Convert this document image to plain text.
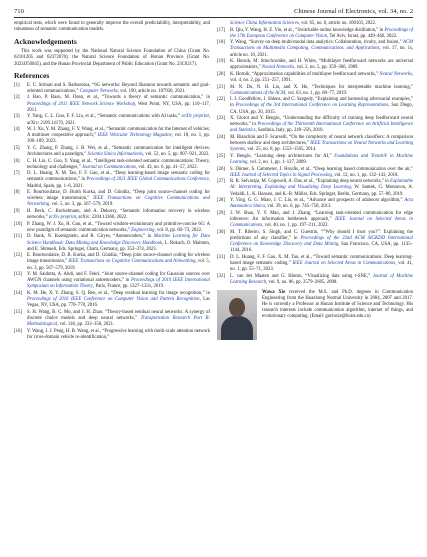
710	Chinese Journal of Electronics, vol. 34, no. 2

empirical tests, which were found to generally improve the overall predictability, interpretability, and robustness of semantic communication models.

Acknowledgements

This work was supported by the National Natural Science Foundation of China (Grant No. 62101205 and 62372070), the Natural Science Foundation of Hunan Province (Grant No. 2023JJ50045), and the Hunan Provincial Department of Public Education (Grant No. 23C0217).

References
[1]	E. C. Strinati and S. Barbarossa, “6G networks: Beyond Shannon towards semantic and goal-oriented communications,” Computer Networks, vol. 190, article no. 107930, 2021.
[2]	J. Bao, P. Basu, M. Dean, et al., “Towards a theory of semantic communication,” in Proceedings of 2011 IEEE Network Science Workshop, West Point, NY, USA, pp. 110–117, 2011.
[3]	Y. Yang, C. L. Guo, F. F. Liu, et al., “Semantic communications with AI tasks,” arXiv preprint, arXiv: 2109.14170, 2021.
[4]	W. J. Xu, Y. M. Zhang, F. Y. Wang, et al., “Semantic communication for the Internet of vehicles: A multiuser cooperative approach,” IEEE Vehicular Technology Magazine, vol. 18, no. 1, pp. 100–109, 2023.
[5]	Y. C. Zhang, P. Zhang, J. B. Wei, et al., “Semantic communication for intelligent devices: Architectures and a paradigm,” Scientia Sinica Informationis, vol. 52, no. 5, pp. 907–921, 2022.
[6]	C. H. Liu, C. Guo, Y. Yang, et al., “Intelligent task-oriented semantic communications: Theory, technology and challenges,” Journal on Communications, vol. 43, no. 6, pp. 41–57, 2022.
[7]	D. L. Huang, X. M. Tao, F. F. Gao, et al., “Deep learning-based image semantic coding for semantic communications,” in Proceedings of 2021 IEEE Global Communications Conference, Madrid, Spain, pp. 1–6, 2021.
[8]	E. Bourtsoulatze, D. Burth Kurka, and D. Gündüz, “Deep joint source-channel coding for wireless image transmission,” IEEE Transactions on Cognitive Communications and Networking, vol. 5, no. 3, pp. 567–579, 2019.
[9]	H. Beck, C. Bockelmann, and A. Dekorsy, “Semantic information recovery in wireless networks,” arXiv preprint, arXiv: 2204.13366, 2022.
[10]	P. Zhang, W. J. Xu, H. Gao, et al., “Toward wisdom-evolutionary and primitive-concise 6G: A new paradigm of semantic communication networks,” Engineering, vol. 8, pp. 60–73, 2022.
[11]	D. Bank, N. Koenigstein, and R. Giryes, “Autoencoders,” in Machine Learning for Data Science Handbook: Data Mining and Knowledge Discovery Handbook, L. Rokach, O. Maimon, and E. Shmueli, Eds. Springer, Cham, Germany, pp. 353–374, 2023.
[12]	E. Bourtsoulatze, D. B. Kurka, and D. Gündüz, “Deep joint source-channel coding for wireless image transmission,” IEEE Transactions on Cognitive Communications and Networking, vol. 5, no. 3, pp. 567–579, 2019.
[13]	Y. M. Saidutta, A. Abdi, and F. Fekri, “Joint source-channel coding for Gaussian sources over AWGN channels using variational autoencoders,” in Proceedings of 2019 IEEE International Symposium on Information Theory, Paris, France, pp. 1327–1331, 2019.
[14]	K. M. He, X. Y. Zhang, S. Q. Ren, et al., “Deep residual learning for image recognition,” in Proceedings of 2016 IEEE Conference on Computer Vision and Pattern Recognition, Las Vegas, NV, USA, pp. 770–778, 2016.
[15]	S. H. Wang, B. C. Mo, and J. H. Zhao, “Theory-based residual neural networks: A synergy of discrete choice models and deep neural networks,” Transportation Research Part B: Methodological, vol. 146, pp. 333–358, 2021.
[16]	Y. Wang, J. J. Peng, H. B. Wang, et al., “Progressive learning with multi-scale attention network for cross-domain vehicle re-identification,”
Science China Information Sciences, vol. 65, no. 6, article no. 160103, 2022.
[17]	B. Qiu, Y. Wang, H. Z. Yin, et al., “Switchable online knowledge distillation,” in Proceedings of the 17th European Conference on Computer Vision, Tel Aviv, Israel, pp. 449–466, 2022.
[18]	Y. Wang, “Survey on deep multi-modal data analytics: Collaboration, rivalry, and fusion,” ACM Transactions on Multimedia Computing, Communications, and Applications, vol. 17, no. 1s, article no. 10, 2021.
[19]	K. Hornik, M. Stinchcombe, and H. White, “Multilayer feedforward networks are universal approximators,” Neural Networks, vol. 2, no. 5, pp. 359–366, 1989.
[20]	K. Hornik, “Approximation capabilities of multilayer feedforward networks,” Neural Networks, vol. 4, no. 2, pp. 251–257, 1991.
[21]	M. N. Du, N. H. Liu, and X. Hu, “Techniques for interpretable machine learning,” Communications of the ACM, vol. 63, no. 1, pp. 68–77, 2019.
[22]	I. J. Goodfellow, J. Shlens, and C. Szegedy, “Explaining and harnessing adversarial examples,” in Proceedings of the 3rd International Conference on Learning Representations, San Diego, CA, USA, pp. 20, 2015.
[23]	X. Glorot and Y. Bengio, “Understanding the difficulty of training deep feedforward neural networks,” in Proceedings of the Thirteenth International Conference on Artificial Intelligence and Statistics, Sardinia, Italy, pp. 249–256, 2010.
[24]	M. Bianchini and F. Scarselli, “On the complexity of neural network classifiers: A comparison between shallow and deep architectures,” IEEE Transactions on Neural Networks and Learning Systems, vol. 25, no. 8, pp. 1553–1565, 2014.
[25]	Y. Bengio, “Learning deep architectures for AI,” Foundations and Trends® in Machine Learning, vol. 2, no. 1, pp. 1–127, 2009.
[26]	S. Dörner, S. Cammerer, J. Hoydis, et al., “Deep learning based communication over the air,” IEEE Journal of Selected Topics in Signal Processing, vol. 12, no. 1, pp. 132–143, 2018.
[27]	R. R. Selvaraju, M. Cogswell, A. Das, et al., “Explaining deep neural networks,” in Explainable AI: Interpreting, Explaining and Visualizing Deep Learning, W. Samek, G. Montavon, A. Vedaldi, L. K. Hansen, and K.-R. Müller, Eds. Springer, Berlin, Germany, pp. 57–80, 2019.
[28]	Y. Ying, G. G. Miao, J. C. Liu, et al., “Advance and prospects of adaboost algorithm,” Acta Automatica Sinica, vol. 39, no. 6, pp. 745–758, 2013.
[29]	J. W. Shao, Y. Y. Mao, and J. Zhang, “Learning task-oriented communication for edge inference: An information bottleneck approach,” IEEE Journal on Selected Areas in Communications, vol. 40, no. 1, pp. 197–211, 2022.
[30]	M. T. Ribeiro, S. Singh, and C. Guestrin, “”Why should I trust you?”: Explaining the predictions of any classifier,” in Proceedings of the 22nd ACM SIGKDD International Conference on Knowledge Discovery and Data Mining, San Francisco, CA, USA, pp. 1135–1144, 2016.
[31]	D. L. Huang, F. F. Gao, X. M. Tao, et al., “Toward semantic communications: Deep learning-based image semantic coding,” IEEE Journal on Selected Areas in Communications, vol. 41, no. 1, pp. 55–71, 2023.
[32]	L. van der Maaten and G. Hinton, “Visualizing data using t-SNE,” Journal of Machine Learning Research, vol. 9, no. 86, pp. 2579–2605, 2008.
Wawa Xie received the M.S. and Ph.D. degrees in Communication Engineering from the Huazhong Normal University in 2004, 2007 and 2017. He is currently a Professor at Hunan Institute of Science and Technology. His research interests include communication algorithm, internet of things, and evolutionary computing. (Email: gavinxie@hnist.edu.cn)
